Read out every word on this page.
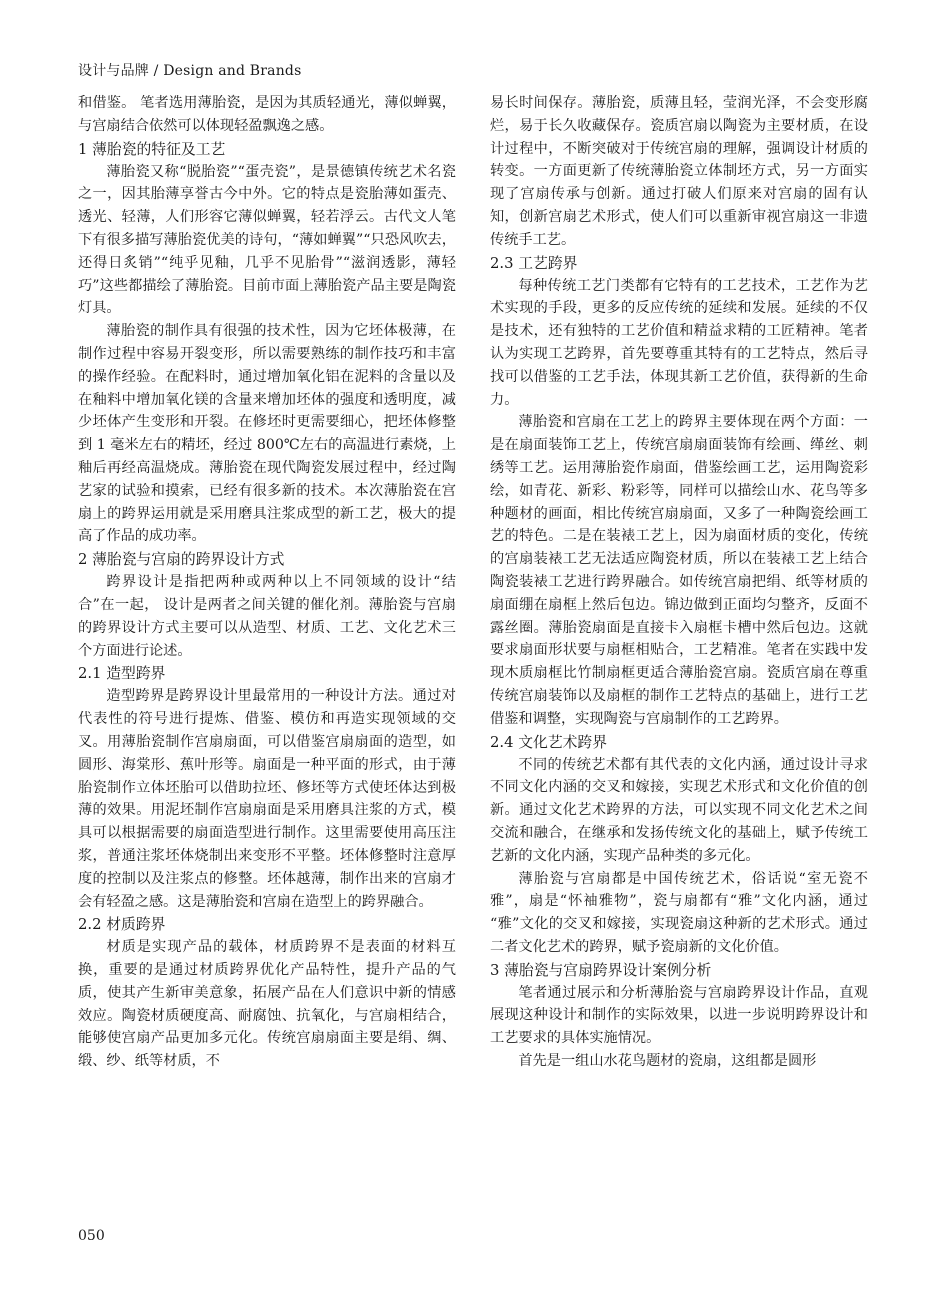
设计与品牌 / Design and Brands

和借鉴。 笔者选用薄胎瓷，是因为其质轻通光，薄似蝉翼，与宫扇结合依然可以体现轻盈飘逸之感。

1 薄胎瓷的特征及工艺

薄胎瓷又称“脱胎瓷”“蛋壳瓷”，是景德镇传统艺术名瓷之一，因其胎薄享誉古今中外。它的特点是瓷胎薄如蛋壳、透光、轻薄，人们形容它薄似蝉翼，轻若浮云。古代文人笔下有很多描写薄胎瓷优美的诗句，“薄如蝉翼”“只恐风吹去，还得日炙销”“纯乎见釉，几乎不见胎骨”“滋润透影，薄轻巧”这些都描绘了薄胎瓷。目前市面上薄胎瓷产品主要是陶瓷灯具。

薄胎瓷的制作具有很强的技术性，因为它坯体极薄，在制作过程中容易开裂变形，所以需要熟练的制作技巧和丰富的操作经验。在配料时，通过增加氧化铝在泥料的含量以及在釉料中增加氧化镁的含量来增加坯体的强度和透明度，减少坯体产生变形和开裂。在修坯时更需要细心，把坯体修整到 1 毫米左右的精坯，经过 800℃左右的高温进行素烧，上釉后再经高温烧成。薄胎瓷在现代陶瓷发展过程中，经过陶艺家的试验和摸索，已经有很多新的技术。本次薄胎瓷在宫扇上的跨界运用就是采用磨具注浆成型的新工艺，极大的提高了作品的成功率。

2 薄胎瓷与宫扇的跨界设计方式

跨界设计是指把两种或两种以上不同领域的设计“结合”在一起， 设计是两者之间关键的催化剂。薄胎瓷与宫扇的跨界设计方式主要可以从造型、材质、工艺、文化艺术三个方面进行论述。

2.1 造型跨界

造型跨界是跨界设计里最常用的一种设计方法。通过对代表性的符号进行提炼、借鉴、模仿和再造实现领域的交叉。用薄胎瓷制作宫扇扇面，可以借鉴宫扇扇面的造型，如圆形、海棠形、蕉叶形等。扇面是一种平面的形式，由于薄胎瓷制作立体坯胎可以借助拉坯、修坯等方式使坯体达到极薄的效果。用泥坯制作宫扇扇面是采用磨具注浆的方式，模具可以根据需要的扇面造型进行制作。这里需要使用高压注浆，普通注浆坯体烧制出来变形不平整。坯体修整时注意厚度的控制以及注浆点的修整。坯体越薄，制作出来的宫扇才会有轻盈之感。这是薄胎瓷和宫扇在造型上的跨界融合。

2.2 材质跨界

材质是实现产品的载体，材质跨界不是表面的材料互换，重要的是通过材质跨界优化产品特性，提升产品的气质，使其产生新审美意象，拓展产品在人们意识中新的情感效应。陶瓷材质硬度高、耐腐蚀、抗氧化，与宫扇相结合，能够使宫扇产品更加多元化。传统宫扇扇面主要是绢、绸、缎、纱、纸等材质，不

易长时间保存。薄胎瓷，质薄且轻，莹润光泽，不会变形腐烂，易于长久收藏保存。瓷质宫扇以陶瓷为主要材质，在设计过程中，不断突破对于传统宫扇的理解，强调设计材质的转变。一方面更新了传统薄胎瓷立体制坯方式，另一方面实现了宫扇传承与创新。通过打破人们原来对宫扇的固有认知，创新宫扇艺术形式，使人们可以重新审视宫扇这一非遗传统手工艺。

2.3 工艺跨界

每种传统工艺门类都有它特有的工艺技术，工艺作为艺术实现的手段，更多的反应传统的延续和发展。延续的不仅是技术，还有独特的工艺价值和精益求精的工匠精神。笔者认为实现工艺跨界，首先要尊重其特有的工艺特点，然后寻找可以借鉴的工艺手法，体现其新工艺价值，获得新的生命力。

薄胎瓷和宫扇在工艺上的跨界主要体现在两个方面：一是在扇面装饰工艺上，传统宫扇扇面装饰有绘画、缂丝、刺绣等工艺。运用薄胎瓷作扇面，借鉴绘画工艺，运用陶瓷彩绘，如青花、新彩、粉彩等，同样可以描绘山水、花鸟等多种题材的画面，相比传统宫扇扇面，又多了一种陶瓷绘画工艺的特色。二是在装裱工艺上，因为扇面材质的变化，传统的宫扇装裱工艺无法适应陶瓷材质，所以在装裱工艺上结合陶瓷装裱工艺进行跨界融合。如传统宫扇把绢、纸等材质的扇面绷在扇框上然后包边。锦边做到正面均匀整齐，反面不露丝圈。薄胎瓷扇面是直接卡入扇框卡槽中然后包边。这就要求扇面形状要与扇框相贴合，工艺精准。笔者在实践中发现木质扇框比竹制扇框更适合薄胎瓷宫扇。瓷质宫扇在尊重传统宫扇装饰以及扇框的制作工艺特点的基础上，进行工艺借鉴和调整，实现陶瓷与宫扇制作的工艺跨界。

2.4 文化艺术跨界

不同的传统艺术都有其代表的文化内涵，通过设计寻求不同文化内涵的交叉和嫁接，实现艺术形式和文化价值的创新。通过文化艺术跨界的方法，可以实现不同文化艺术之间交流和融合，在继承和发扬传统文化的基础上，赋予传统工艺新的文化内涵，实现产品种类的多元化。

薄胎瓷与宫扇都是中国传统艺术，俗话说“室无瓷不雅”，扇是“怀袖雅物”，瓷与扇都有“雅”文化内涵，通过 “雅”文化的交叉和嫁接，实现瓷扇这种新的艺术形式。通过二者文化艺术的跨界，赋予瓷扇新的文化价值。

3 薄胎瓷与宫扇跨界设计案例分析

笔者通过展示和分析薄胎瓷与宫扇跨界设计作品，直观展现这种设计和制作的实际效果，以进一步说明跨界设计和工艺要求的具体实施情况。

首先是一组山水花鸟题材的瓷扇，这组都是圆形

050
